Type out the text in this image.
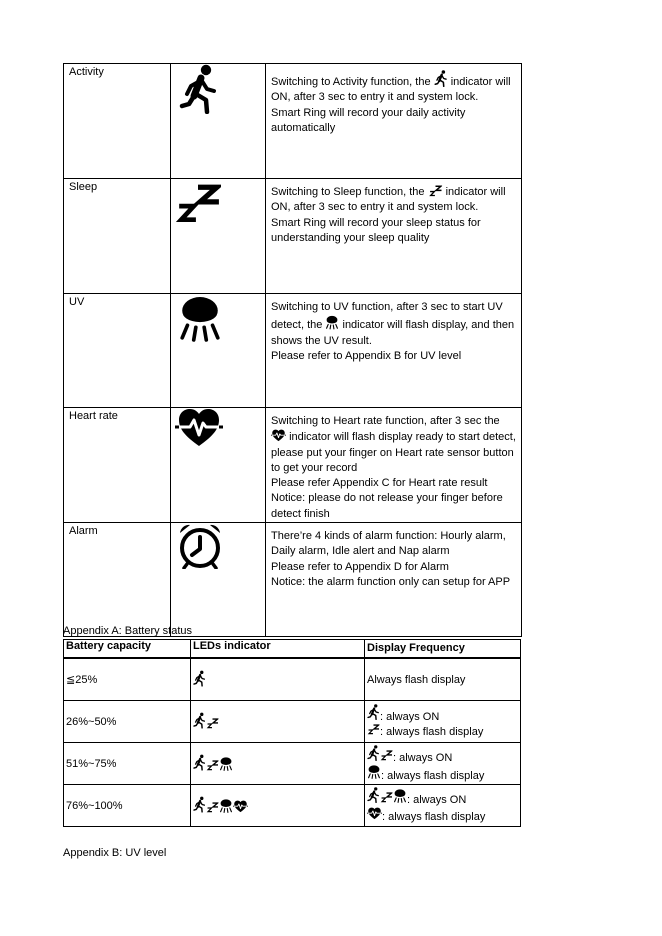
Activity		Switching to Activity function, the indicator will ON, after 3 sec to entry it and system lock.
Smart Ring will record your daily activity automatically
Sleep		Switching to Sleep function, the indicator will ON, after 3 sec to entry it and system lock.
Smart Ring will record your sleep status for understanding your sleep quality
UV		Switching to UV function, after 3 sec to start UV detect, the indicator will flash display, and then shows the UV result.
Please refer to Appendix B for UV level
Heart rate		Switching to Heart rate function, after 3 sec the
indicator will flash display ready to start detect, please put your finger on Heart rate sensor button to get your record
Please refer Appendix C for Heart rate result
Notice: please do not release your finger before detect finish
Alarm		There’re 4 kinds of alarm function: Hourly alarm, Daily alarm, Idle alert and Nap alarm
Please refer to Appendix D for Alarm
Notice: the alarm function only can setup for APP
Appendix A: Battery status
Battery capacity	LEDs indicator	Display Frequency
≦25%		Always flash display

26%~50%		: always ON
: always flash display

51%~75%		: always ON
: always flash display

76%~100%		: always ON
: always flash display
Appendix B: UV level
